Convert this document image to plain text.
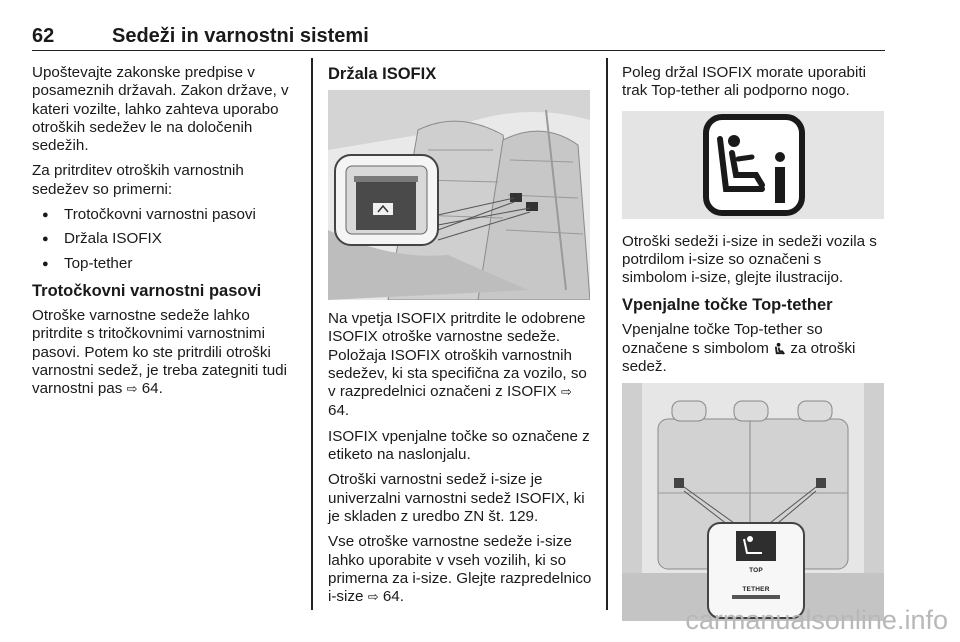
62	Sedeži in varnostni sistemi

Upoštevajte zakonske predpise v posameznih državah. Zakon države, v kateri vozilte, lahko zahteva uporabo otroških sedežev le na določenih sedežih.

Za pritrditev otroških varnostnih sedežev so primerni:

● Trotočkovni varnostni pasovi
● Držala ISOFIX
● Top-tether
Trotočkovni varnostni pasovi

Otroške varnostne sedeže lahko pritrdite s tritočkovnimi varnostnimi pasovi. Potem ko ste pritrdili otroški varnostni sedež, je treba zategniti tudi varnostni pas ⇨ 64.

Držala ISOFIX

Na vpetja ISOFIX pritrdite le odobrene ISOFIX otroške varnostne sedeže. Položaja ISOFIX otroških varnostnih sedežev, ki sta specifična za vozilo, so v razpredelnici označeni z ISOFIX ⇨ 64.

ISOFIX vpenjalne točke so označene z etiketo na naslonjalu.

Otroški varnostni sedež i-size je univerzalni varnostni sedež ISOFIX, ki je skladen z uredbo ZN št. 129.

Vse otroške varnostne sedeže i-size lahko uporabite v vseh vozilih, ki so primerna za i-size. Glejte razpredelnico i-size ⇨ 64.

Poleg držal ISOFIX morate uporabiti trak Top-tether ali podporno nogo.

Otroški sedeži i-size in sedeži vozila s potrdilom i-size so označeni s simbolom i-size, glejte ilustracijo.

Vpenjalne točke Top-tether

Vpenjalne točke Top-tether so označene s simbolom za otroški sedež.

TOP TETHER
carmanualsonline.info
